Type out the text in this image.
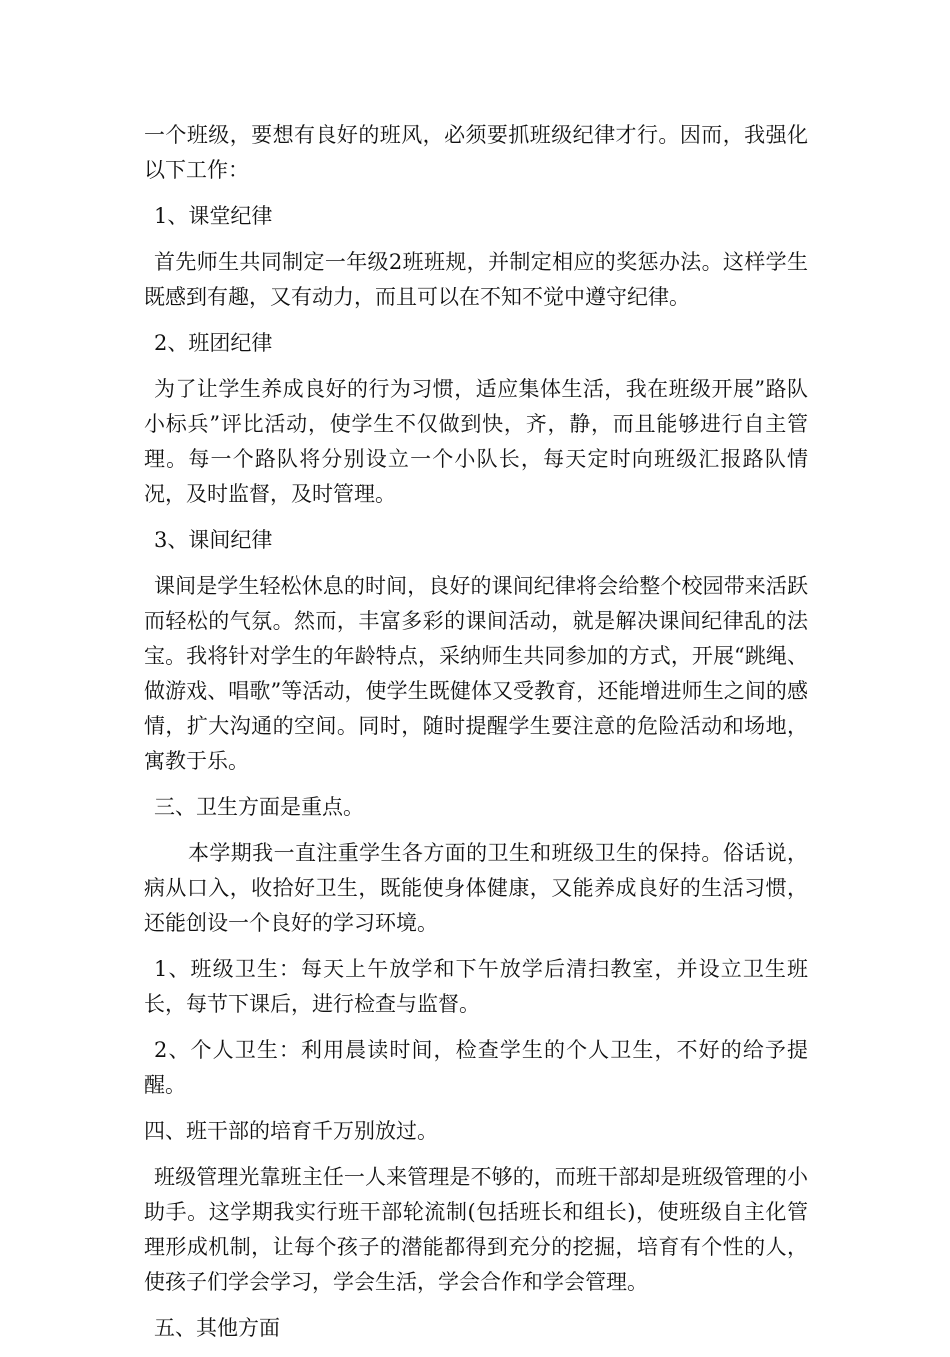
一个班级，要想有良好的班风，必须要抓班级纪律才行。因而，我强化以下工作：

1、课堂纪律

首先师生共同制定一年级2班班规，并制定相应的奖惩办法。这样学生既感到有趣，又有动力，而且可以在不知不觉中遵守纪律。

2、班团纪律

为了让学生养成良好的行为习惯，适应集体生活，我在班级开展”路队小标兵”评比活动，使学生不仅做到快，齐，静，而且能够进行自主管理。每一个路队将分别设立一个小队长，每天定时向班级汇报路队情况，及时监督，及时管理。

3、课间纪律

课间是学生轻松休息的时间，良好的课间纪律将会给整个校园带来活跃而轻松的气氛。然而，丰富多彩的课间活动，就是解决课间纪律乱的法宝。我将针对学生的年龄特点，采纳师生共同参加的方式，开展“跳绳、做游戏、唱歌”等活动，使学生既健体又受教育，还能增进师生之间的感情，扩大沟通的空间。同时，随时提醒学生要注意的危险活动和场地，寓教于乐。

三、卫生方面是重点。

本学期我一直注重学生各方面的卫生和班级卫生的保持。俗话说，病从口入，收拾好卫生，既能使身体健康，又能养成良好的生活习惯，还能创设一个良好的学习环境。

1、班级卫生：每天上午放学和下午放学后清扫教室，并设立卫生班长，每节下课后，进行检查与监督。

2、个人卫生：利用晨读时间，检查学生的个人卫生，不好的给予提醒。

四、班干部的培育千万别放过。

班级管理光靠班主任一人来管理是不够的，而班干部却是班级管理的小助手。这学期我实行班干部轮流制(包括班长和组长)，使班级自主化管理形成机制，让每个孩子的潜能都得到充分的挖掘，培育有个性的人，使孩子们学会学习，学会生活，学会合作和学会管理。

五、其他方面
